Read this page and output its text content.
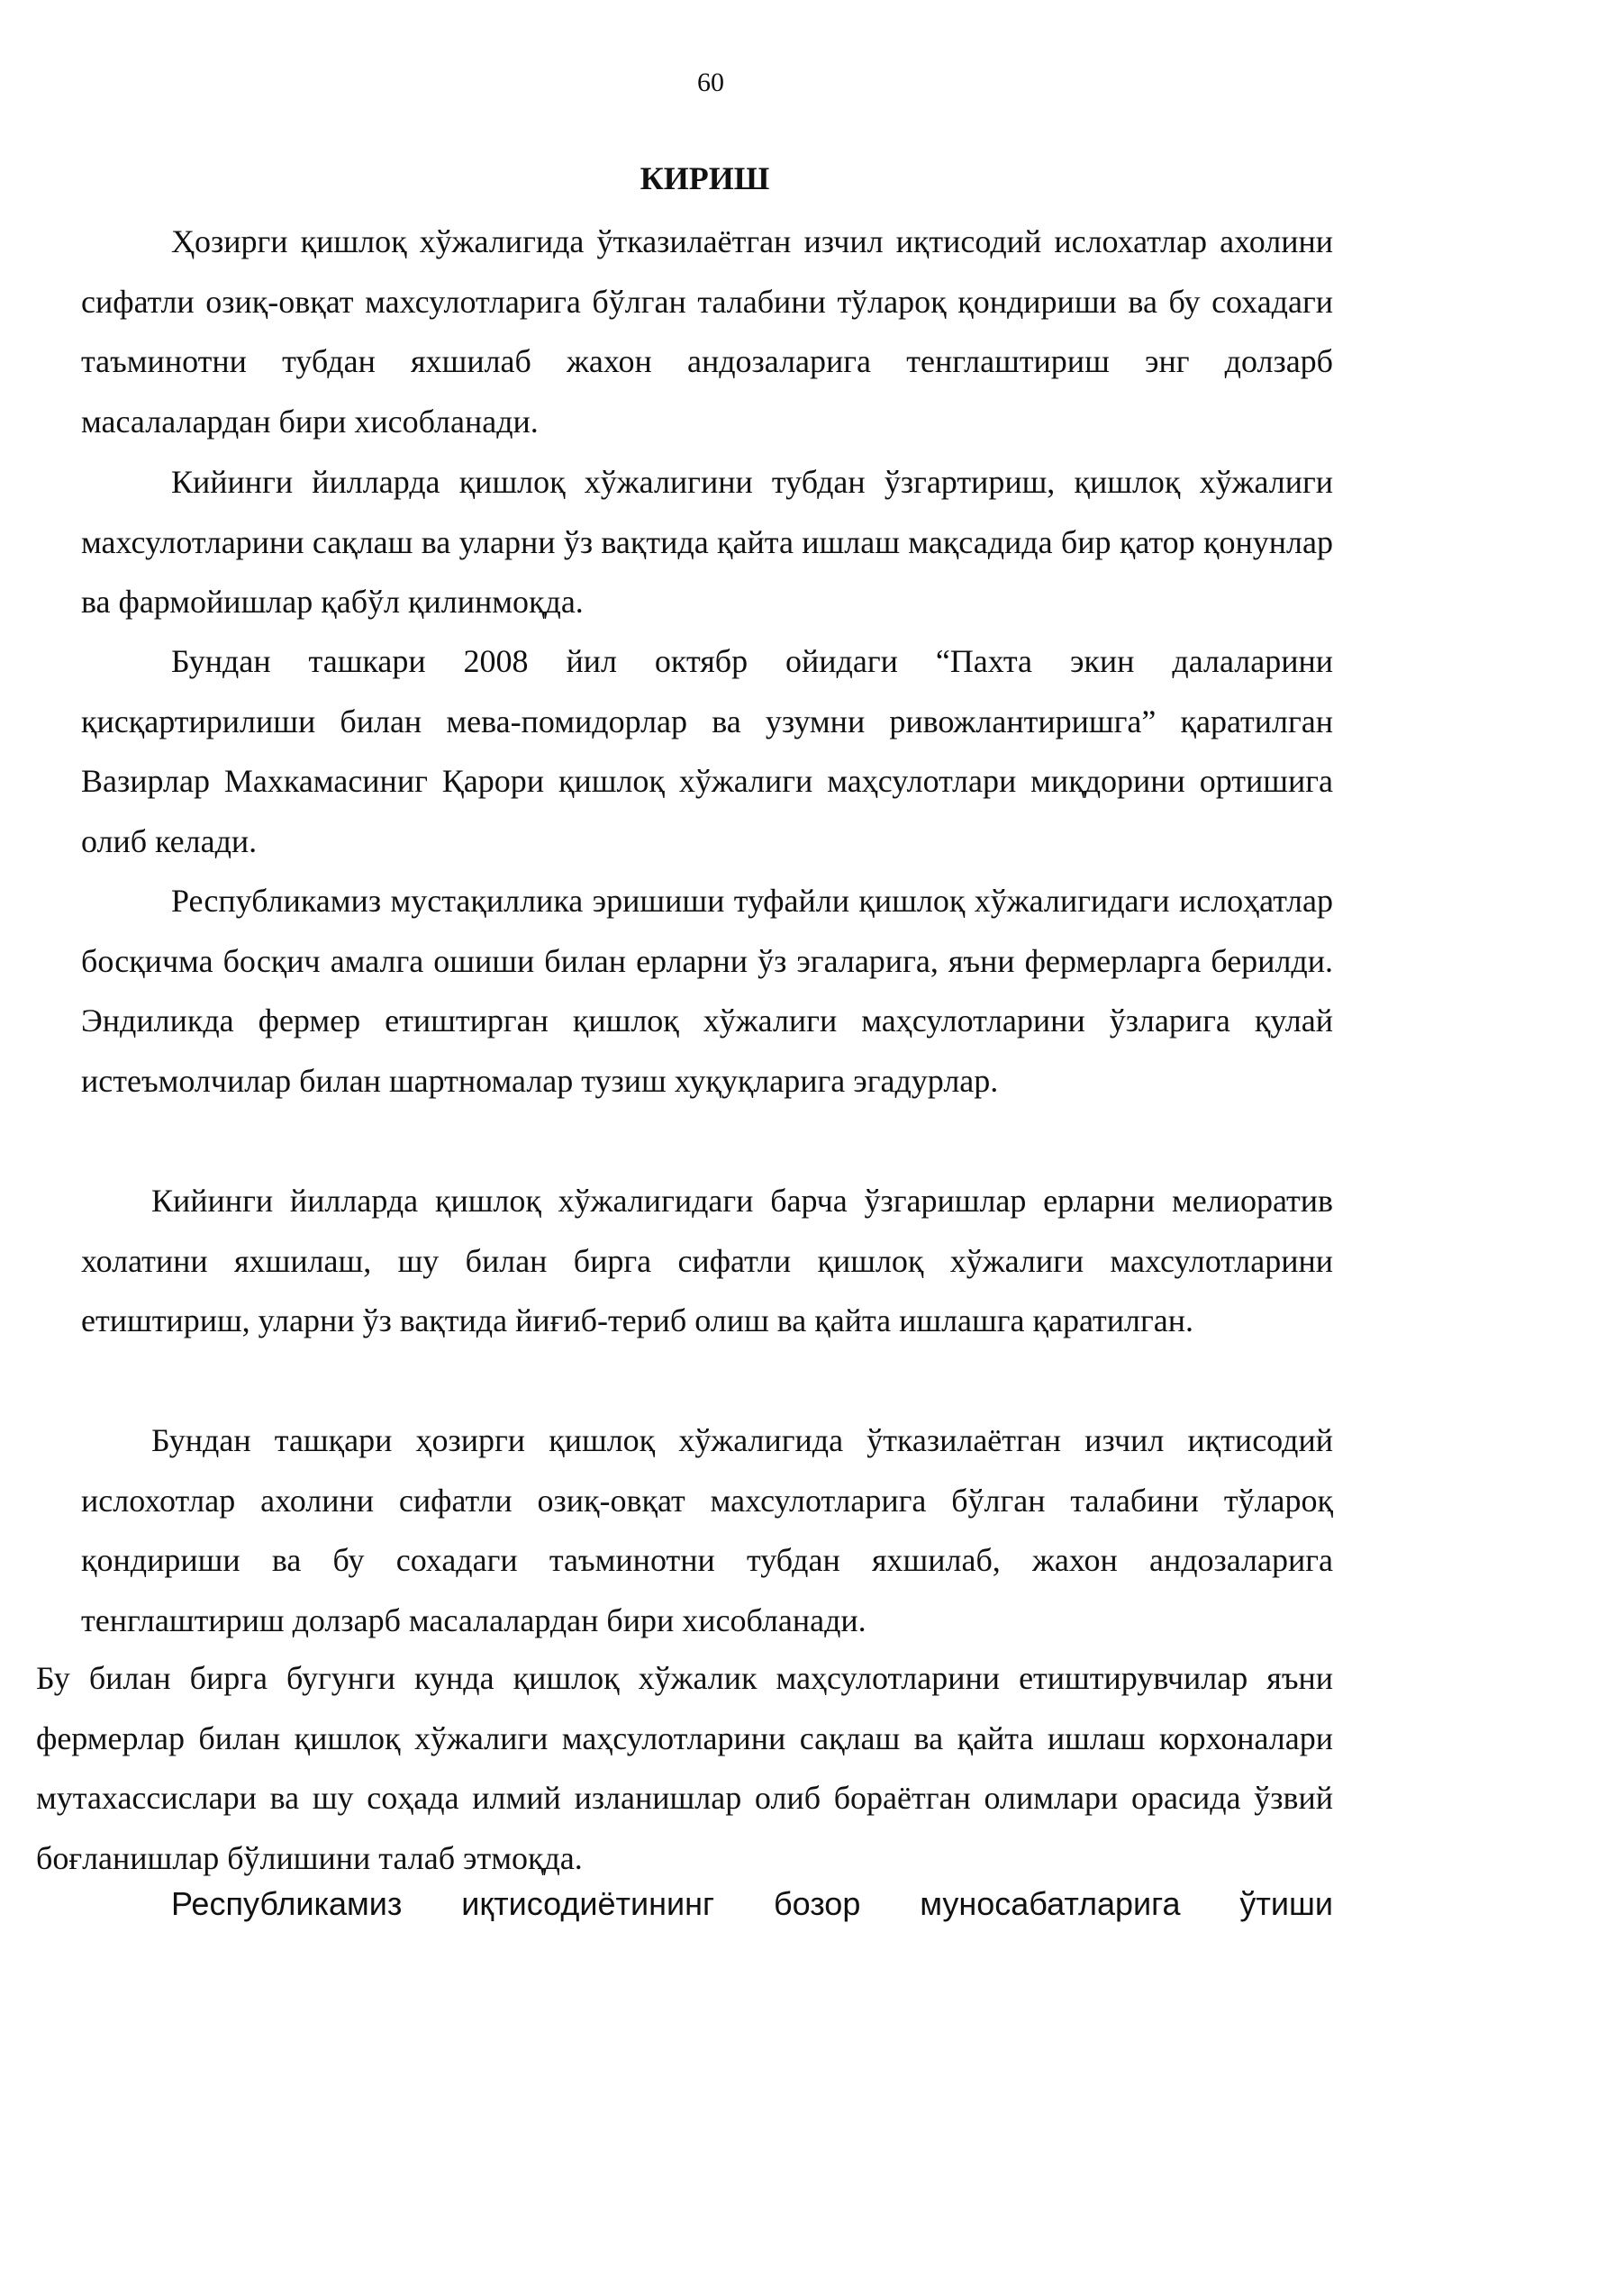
60
КИРИШ

Ҳозирги қишлоқ хўжалигида ўтказилаётган изчил иқтисодий ислохатлар ахолини сифатли озиқ-овқат махсулотларига бўлган талабини тўлароқ қондириши ва бу сохадаги таъминотни тубдан яхшилаб жахон андозаларига тенглаштириш энг долзарб масалалардан бири хисобланади.

Кийинги йилларда қишлоқ хўжалигини тубдан ўзгартириш, қишлоқ хўжалиги махсулотларини сақлаш ва уларни ўз вақтида қайта ишлаш мақсадида бир қатор қонунлар ва фармойишлар қабўл қилинмоқда.

Бундан ташкари 2008 йил октябр ойидаги “Пахта экин далаларини қисқартирилиши билан мева-помидорлар ва узумни ривожлантиришга” қаратилган Вазирлар Махкамасиниг Қарори қишлоқ хўжалиги маҳсулотлари миқдорини ортишига олиб келади.

Республикамиз мустақиллика эришиши туфайли қишлоқ хўжалигидаги ислоҳатлар босқичма босқич амалга ошиши билан ерларни ўз эгаларига, яъни фермерларга берилди. Эндиликда фермер етиштирган қишлоқ хўжалиги маҳсулотларини ўзларига қулай истеъмолчилар билан шартномалар тузиш хуқуқларига эгадурлар.

Кийинги йилларда қишлоқ хўжалигидаги барча ўзгаришлар ерларни мелиоратив холатини яхшилаш, шу билан бирга сифатли қишлоқ хўжалиги махсулотларини етиштириш, уларни ўз вақтида йиғиб-териб олиш ва қайта ишлашга қаратилган.

Бундан ташқари ҳозирги қишлоқ хўжалигида ўтказилаётган изчил иқтисодий ислохотлар ахолини сифатли озиқ-овқат махсулотларига бўлган талабини тўлароқ қондириши ва бу сохадаги таъминотни тубдан яхшилаб, жахон андозаларига тенглаштириш долзарб масалалардан бири хисобланади.

Бу билан бирга бугунги кунда қишлоқ хўжалик маҳсулотларини етиштирувчилар яъни фермерлар билан қишлоқ хўжалиги маҳсулотларини сақлаш ва қайта ишлаш корхоналари мутахассислари ва шу соҳада илмий изланишлар олиб бораётган олимлари орасида ўзвий боғланишлар бўлишини талаб этмоқда.

Республикамиз иқтисодиётининг бозор муносабатларига ўтиши
